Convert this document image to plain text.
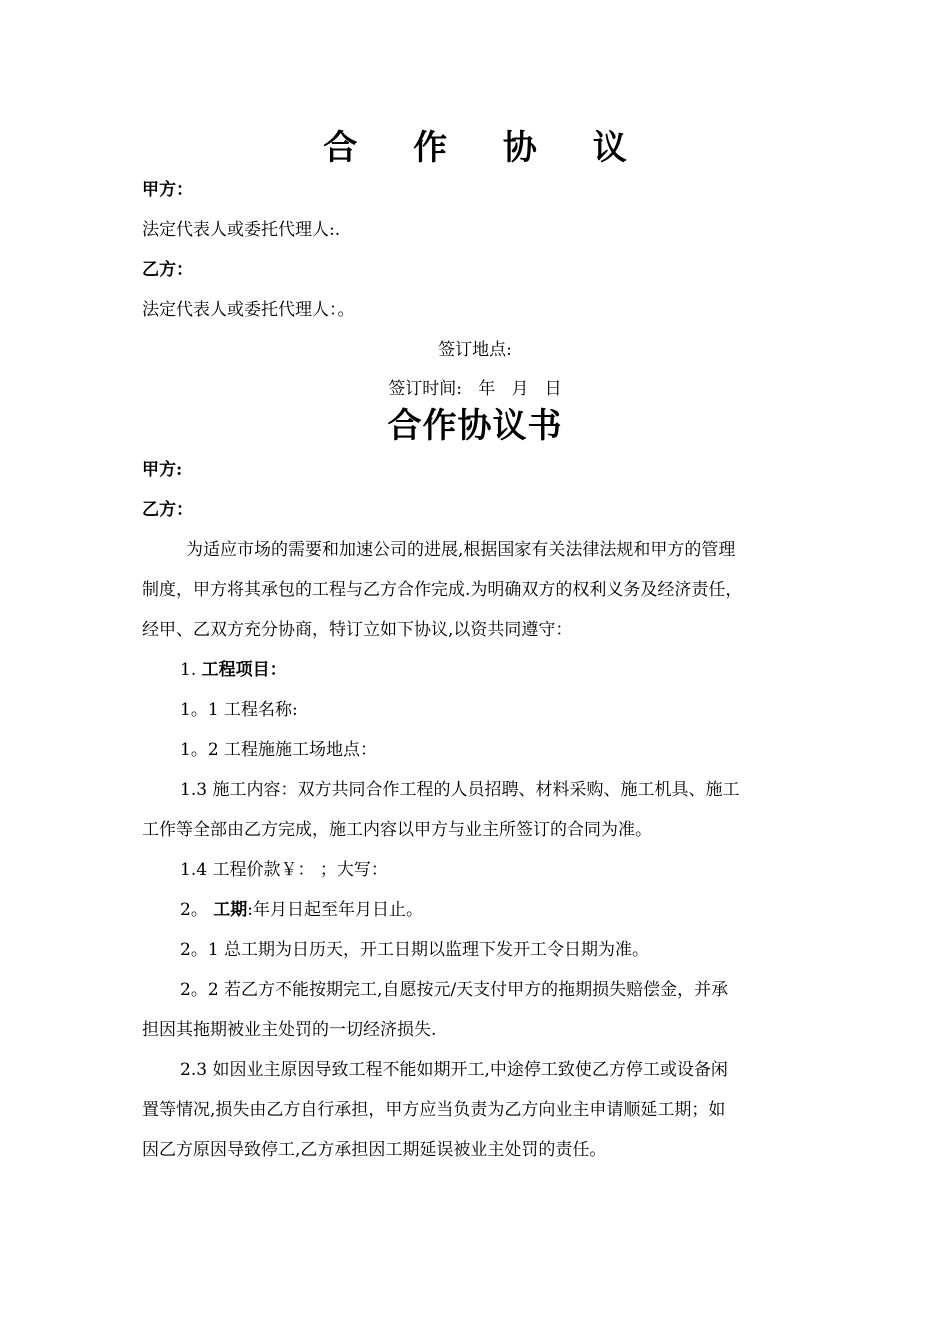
合 作 协 议
甲方：
法定代表人或委托代理人:.
乙方：
法定代表人或委托代理人：。
签订地点:
签订时间:   年   月   日
合作协议书
甲方:
乙方：
为适应市场的需要和加速公司的进展,根据国家有关法律法规和甲方的管理
制度，甲方将其承包的工程与乙方合作完成.为明确双方的权利义务及经济责任，
经甲、乙双方充分协商，特订立如下协议,以资共同遵守：
1. 工程项目：
1。1 工程名称:
1。2 工程施施工场地点：
1.3 施工内容：双方共同合作工程的人员招聘、材料采购、施工机具、施工
工作等全部由乙方完成，施工内容以甲方与业主所签订的合同为准。
1.4 工程价款￥： ；大写：
2。 工期:年月日起至年月日止。
2。1 总工期为日历天，开工日期以监理下发开工令日期为准。
2。2 若乙方不能按期完工,自愿按元/天支付甲方的拖期损失赔偿金，并承
担因其拖期被业主处罚的一切经济损失.
2.3 如因业主原因导致工程不能如期开工,中途停工致使乙方停工或设备闲
置等情况,损失由乙方自行承担，甲方应当负责为乙方向业主申请顺延工期；如
因乙方原因导致停工,乙方承担因工期延误被业主处罚的责任。
